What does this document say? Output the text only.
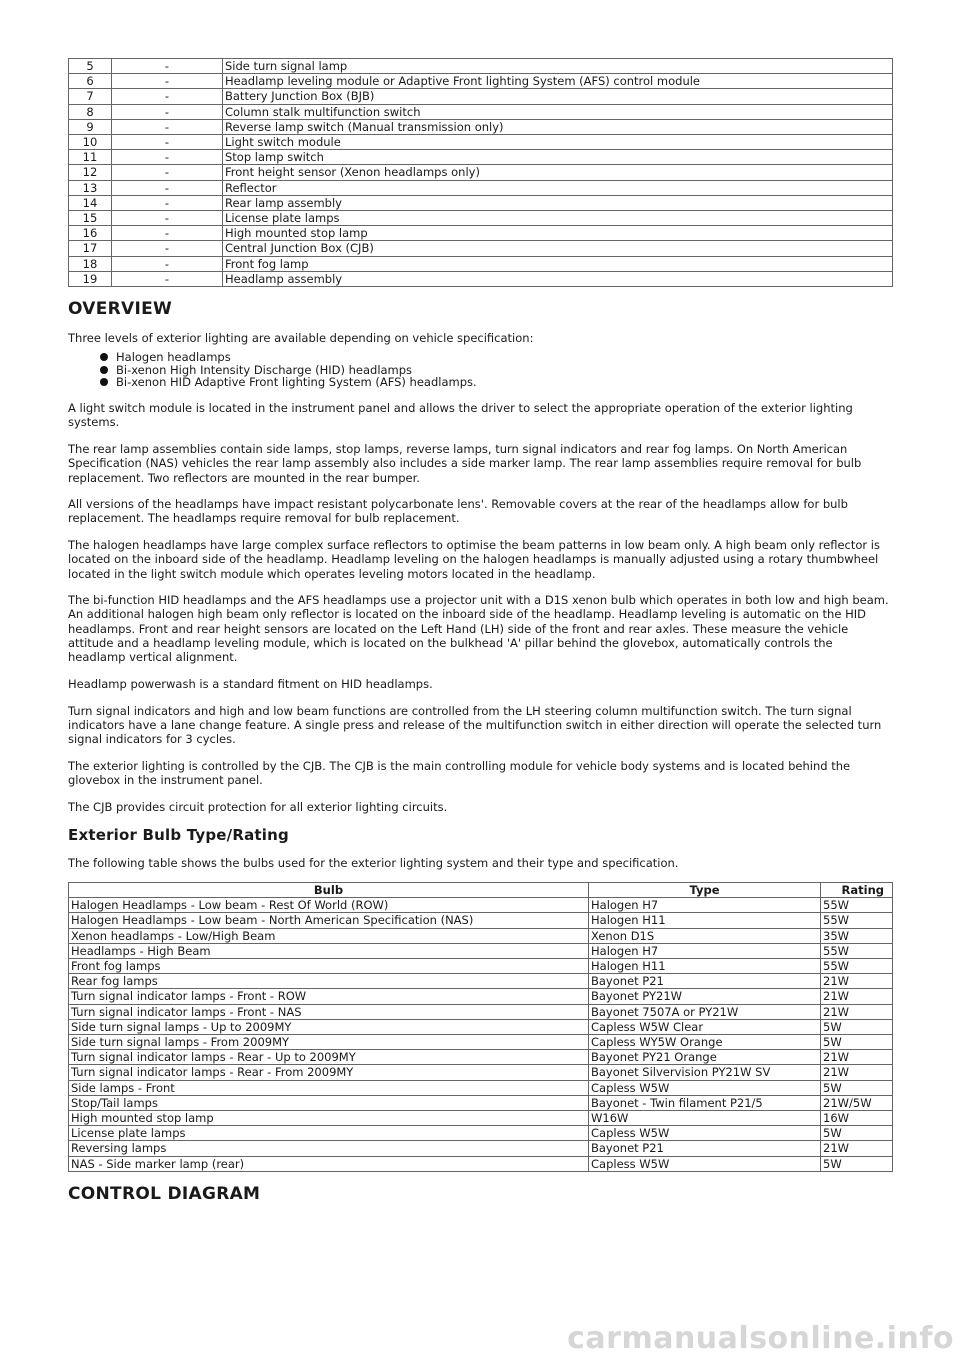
5	-	Side turn signal lamp
6	-	Headlamp leveling module or Adaptive Front lighting System (AFS) control module
7	-	Battery Junction Box (BJB)
8	-	Column stalk multifunction switch
9	-	Reverse lamp switch (Manual transmission only)
10	-	Light switch module
11	-	Stop lamp switch
12	-	Front height sensor (Xenon headlamps only)
13	-	Reflector
14	-	Rear lamp assembly
15	-	License plate lamps
16	-	High mounted stop lamp
17	-	Central Junction Box (CJB)
18	-	Front fog lamp
19	-	Headlamp assembly
OVERVIEW

Three levels of exterior lighting are available depending on vehicle specification:

Halogen headlamps
Bi-xenon High Intensity Discharge (HID) headlamps
Bi-xenon HID Adaptive Front lighting System (AFS) headlamps.

A light switch module is located in the instrument panel and allows the driver to select the appropriate operation of the exterior lighting systems.

The rear lamp assemblies contain side lamps, stop lamps, reverse lamps, turn signal indicators and rear fog lamps. On North American Specification (NAS) vehicles the rear lamp assembly also includes a side marker lamp. The rear lamp assemblies require removal for bulb replacement. Two reflectors are mounted in the rear bumper.

All versions of the headlamps have impact resistant polycarbonate lens'. Removable covers at the rear of the headlamps allow for bulb replacement. The headlamps require removal for bulb replacement.

The halogen headlamps have large complex surface reflectors to optimise the beam patterns in low beam only. A high beam only reflector is located on the inboard side of the headlamp. Headlamp leveling on the halogen headlamps is manually adjusted using a rotary thumbwheel located in the light switch module which operates leveling motors located in the headlamp.

The bi-function HID headlamps and the AFS headlamps use a projector unit with a D1S xenon bulb which operates in both low and high beam. An additional halogen high beam only reflector is located on the inboard side of the headlamp. Headlamp leveling is automatic on the HID headlamps. Front and rear height sensors are located on the Left Hand (LH) side of the front and rear axles. These measure the vehicle attitude and a headlamp leveling module, which is located on the bulkhead 'A' pillar behind the glovebox, automatically controls the headlamp vertical alignment.

Headlamp powerwash is a standard fitment on HID headlamps.

Turn signal indicators and high and low beam functions are controlled from the LH steering column multifunction switch. The turn signal indicators have a lane change feature. A single press and release of the multifunction switch in either direction will operate the selected turn signal indicators for 3 cycles.

The exterior lighting is controlled by the CJB. The CJB is the main controlling module for vehicle body systems and is located behind the glovebox in the instrument panel.

The CJB provides circuit protection for all exterior lighting circuits.

Exterior Bulb Type/Rating

The following table shows the bulbs used for the exterior lighting system and their type and specification.

Bulb	Type	Rating
Halogen Headlamps - Low beam - Rest Of World (ROW)	Halogen H7	55W
Halogen Headlamps - Low beam - North American Specification (NAS)	Halogen H11	55W
Xenon headlamps - Low/High Beam	Xenon D1S	35W
Headlamps - High Beam	Halogen H7	55W
Front fog lamps	Halogen H11	55W
Rear fog lamps	Bayonet P21	21W
Turn signal indicator lamps - Front - ROW	Bayonet PY21W	21W
Turn signal indicator lamps - Front - NAS	Bayonet 7507A or PY21W	21W
Side turn signal lamps - Up to 2009MY	Capless W5W Clear	5W
Side turn signal lamps - From 2009MY	Capless WY5W Orange	5W
Turn signal indicator lamps - Rear - Up to 2009MY	Bayonet PY21 Orange	21W
Turn signal indicator lamps - Rear - From 2009MY	Bayonet Silvervision PY21W SV	21W
Side lamps - Front	Capless W5W	5W
Stop/Tail lamps	Bayonet - Twin filament P21/5	21W/5W
High mounted stop lamp	W16W	16W
License plate lamps	Capless W5W	5W
Reversing lamps	Bayonet P21	21W
NAS - Side marker lamp (rear)	Capless W5W	5W
CONTROL DIAGRAM
carmanualsonline.info
